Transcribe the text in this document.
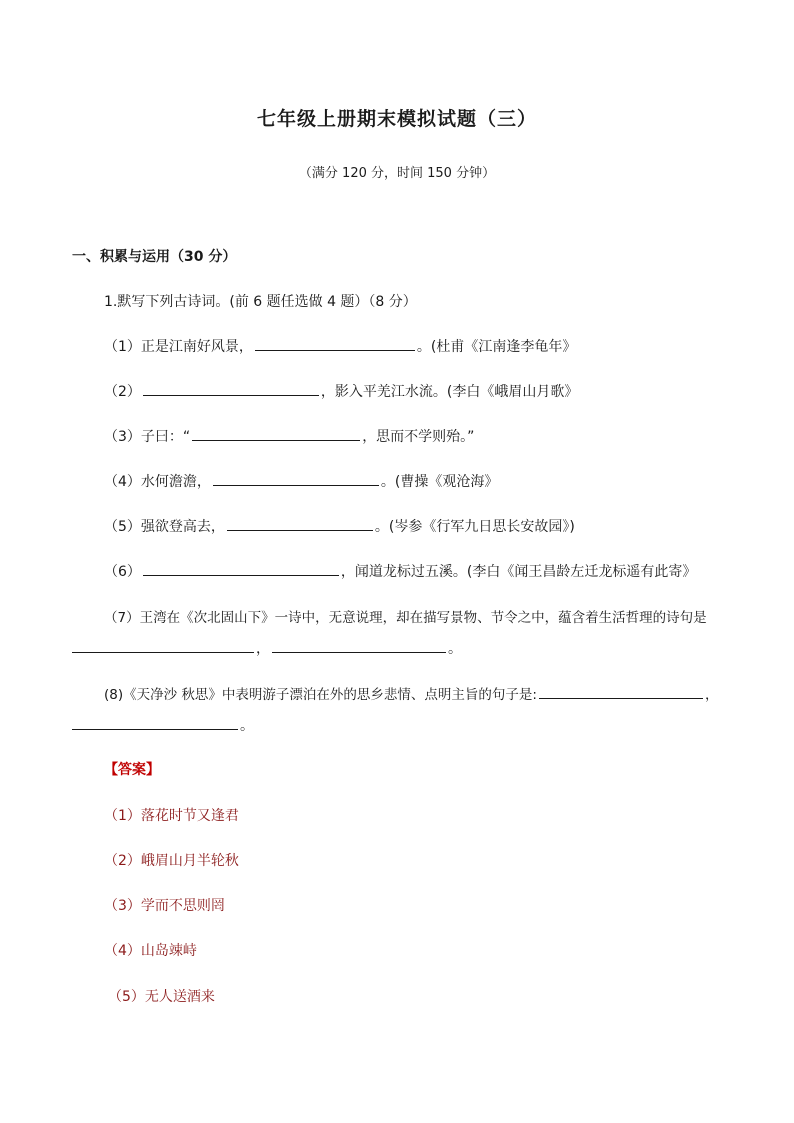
七年级上册期末模拟试题（三）
（满分 120 分，时间 150 分钟）
一、积累与运用（30 分）
1.默写下列古诗词。(前 6 题任选做 4 题）（8 分）
（1）正是江南好风景，	。(杜甫《江南逢李龟年》
（2）	，影入平羌江水流。(李白《峨眉山月歌》
（3）子曰：“	，思而不学则殆。”
（4）水何澹澹，	。(曹操《观沧海》
（5）强欲登高去，	。(岑参《行军九日思长安故园》)
（6）	，闻道龙标过五溪。(李白《闻王昌龄左迁龙标遥有此寄》
（7）王湾在《次北固山下》一诗中，无意说理，却在描写景物、节令之中，蕴含着生活哲理的诗句是
，	。
(8)《天净沙 秋思》中表明游子漂泊在外的思乡悲情、点明主旨的句子是:	，
。
【答案】
（1）落花时节又逢君
（2）峨眉山月半轮秋
（3）学而不思则罔
（4）山岛竦峙
（5）无人送酒来
